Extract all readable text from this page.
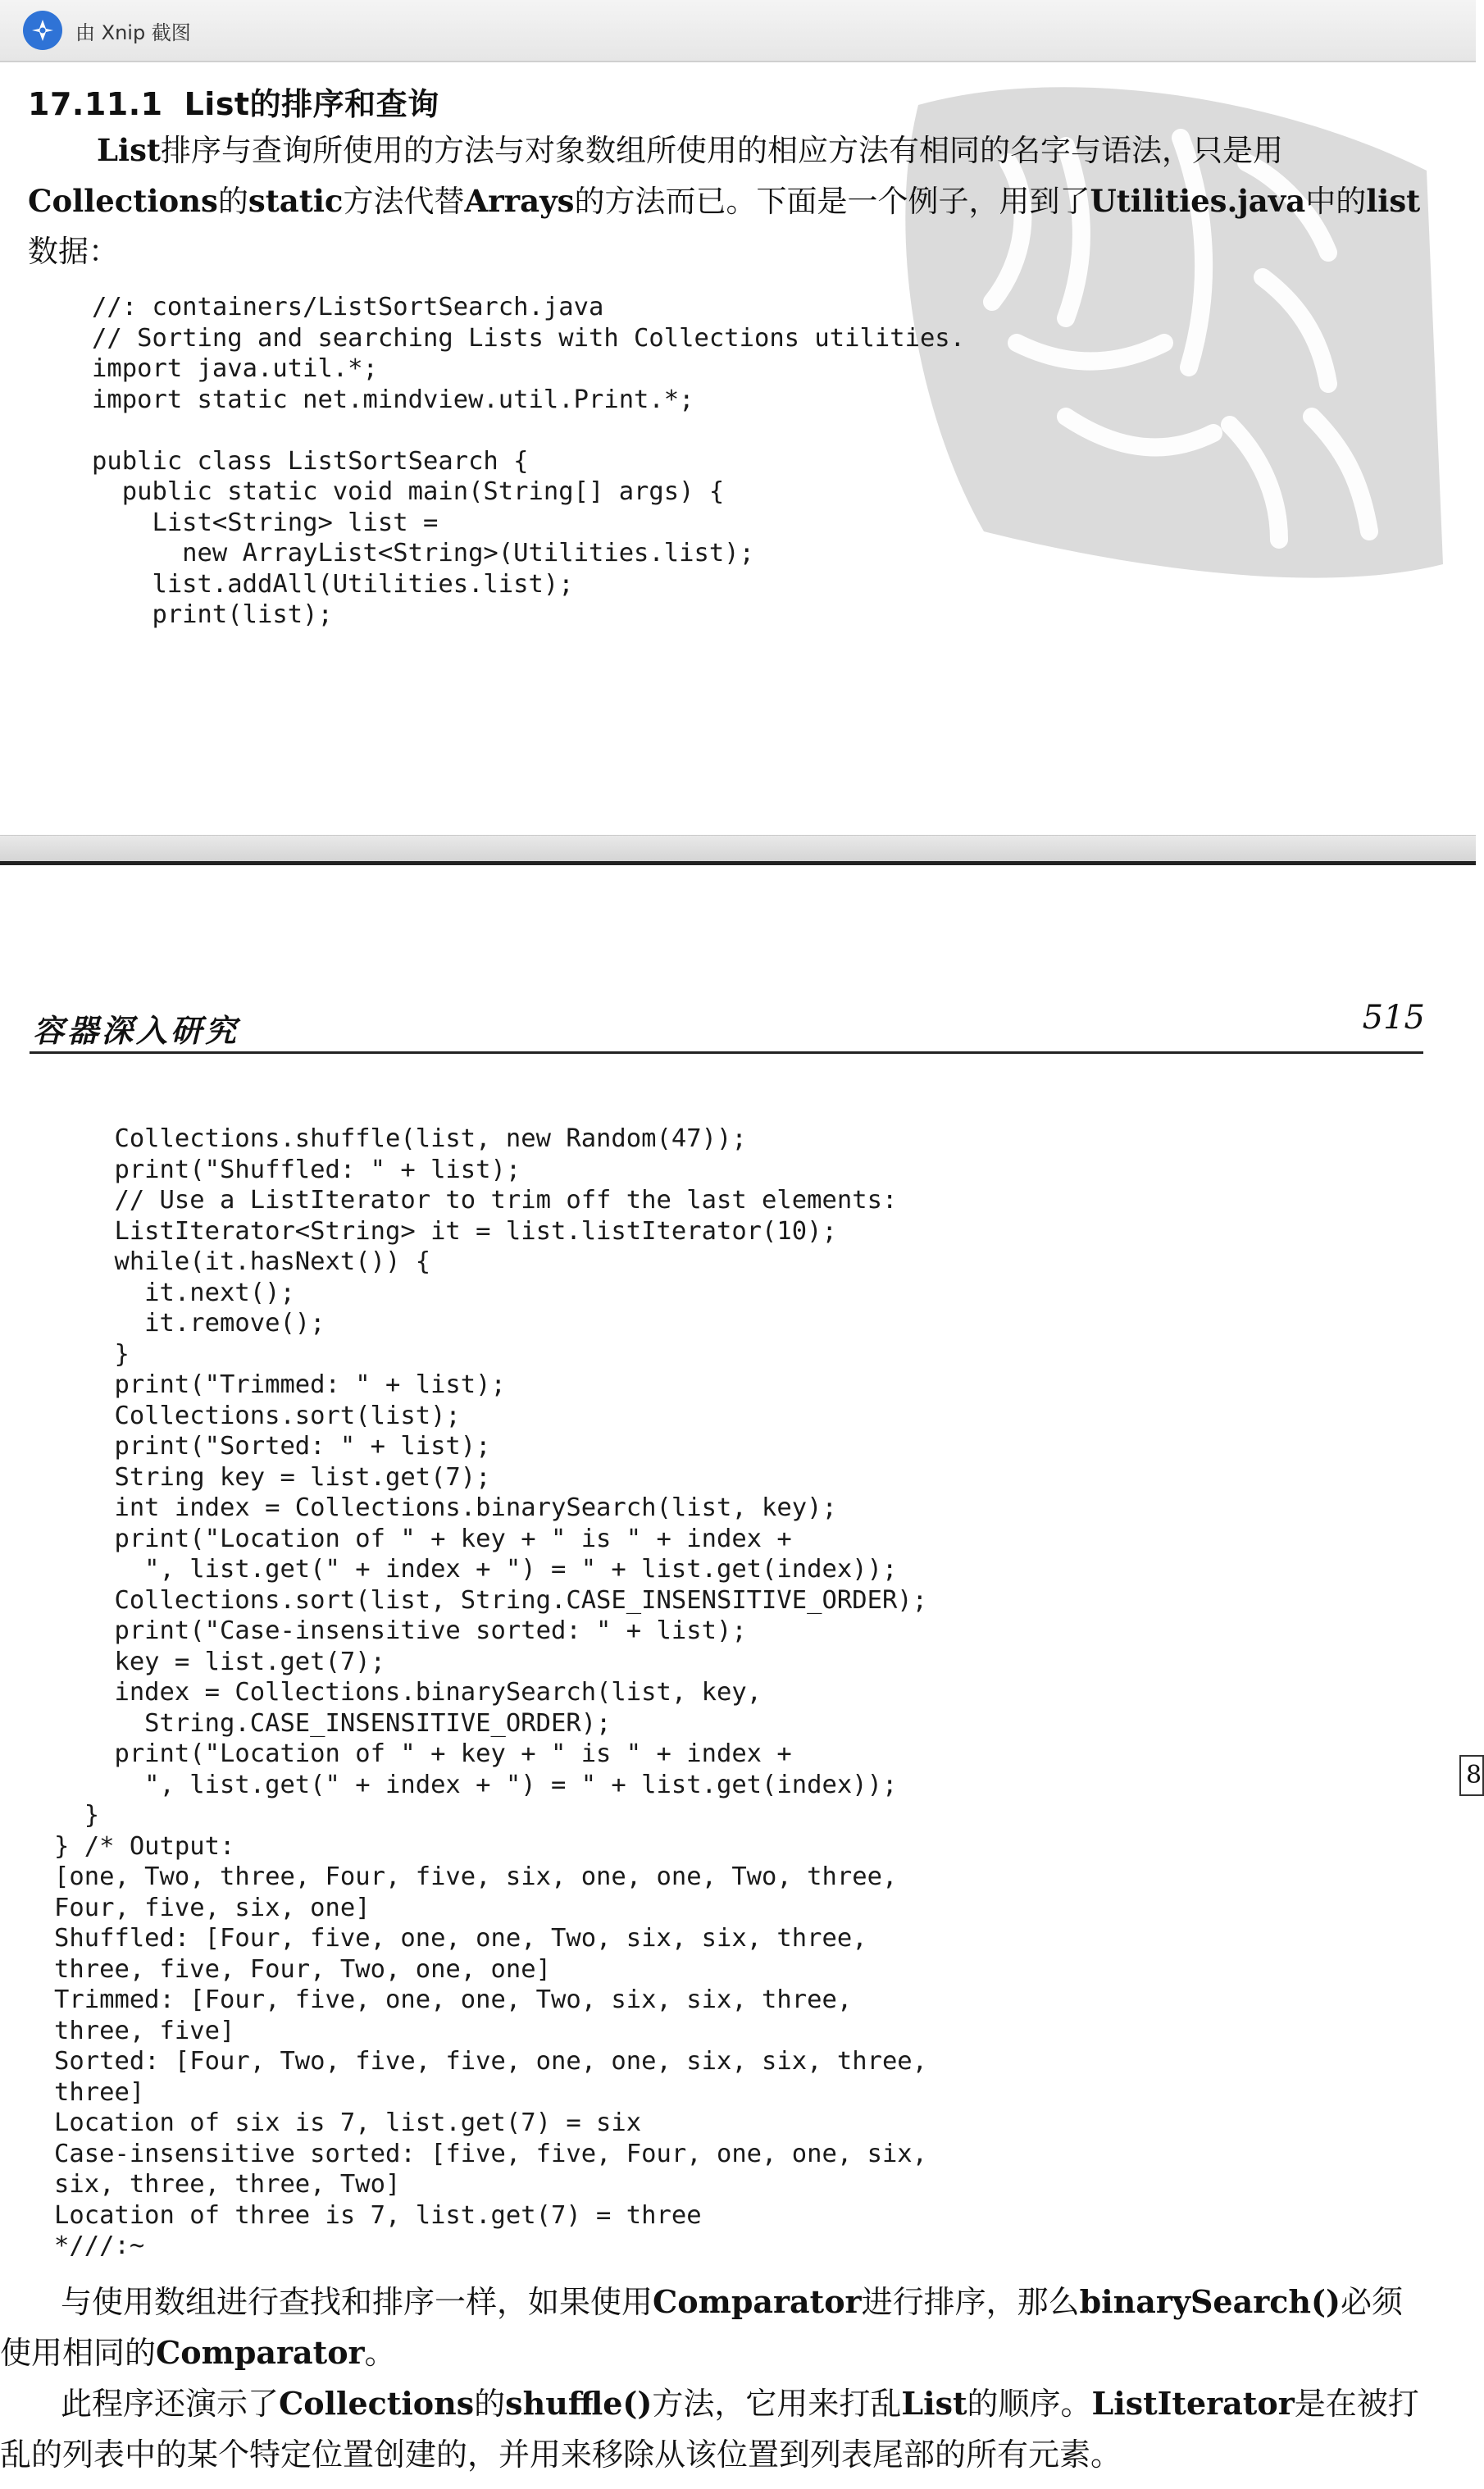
由 Xnip 截图
17.11.1 List的排序和查询

List排序与查询所使用的方法与对象数组所使用的相应方法有相同的名字与语法，只是用

Collections的static方法代替Arrays的方法而已。下面是一个例子，用到了Utilities.java中的list

数据：

//: containers/ListSortSearch.java
// Sorting and searching Lists with Collections utilities.
import java.util.*;
import static net.mindview.util.Print.*;

public class ListSortSearch {
public static void main(String[] args) {
List<String> list =
new ArrayList<String>(Utilities.list);
list.addAll(Utilities.list);
print(list);
容器深入研究	515
Collections.shuffle(list, new Random(47));
print("Shuffled: " + list);
// Use a ListIterator to trim off the last elements:
ListIterator<String> it = list.listIterator(10);
while(it.hasNext()) {
it.next();
it.remove();
}
print("Trimmed: " + list);
Collections.sort(list);
print("Sorted: " + list);
String key = list.get(7);
int index = Collections.binarySearch(list, key);
print("Location of " + key + " is " + index +
", list.get(" + index + ") = " + list.get(index));
Collections.sort(list, String.CASE_INSENSITIVE_ORDER);
print("Case-insensitive sorted: " + list);
key = list.get(7);
index = Collections.binarySearch(list, key,
String.CASE_INSENSITIVE_ORDER);
print("Location of " + key + " is " + index +
", list.get(" + index + ") = " + list.get(index));
}
} /* Output:
[one, Two, three, Four, five, six, one, one, Two, three,
Four, five, six, one]
Shuffled: [Four, five, one, one, Two, six, six, three,
three, five, Four, Two, one, one]
Trimmed: [Four, five, one, one, Two, six, six, three,
three, five]
Sorted: [Four, Two, five, five, one, one, six, six, three,
three]
Location of six is 7, list.get(7) = six
Case-insensitive sorted: [five, five, Four, one, one, six,
six, three, three, Two]
Location of three is 7, list.get(7) = three
*///:~
8

与使用数组进行查找和排序一样，如果使用Comparator进行排序，那么binarySearch()必须

使用相同的Comparator。

此程序还演示了Collections的shuffle()方法，它用来打乱List的顺序。ListIterator是在被打

乱的列表中的某个特定位置创建的，并用来移除从该位置到列表尾部的所有元素。
